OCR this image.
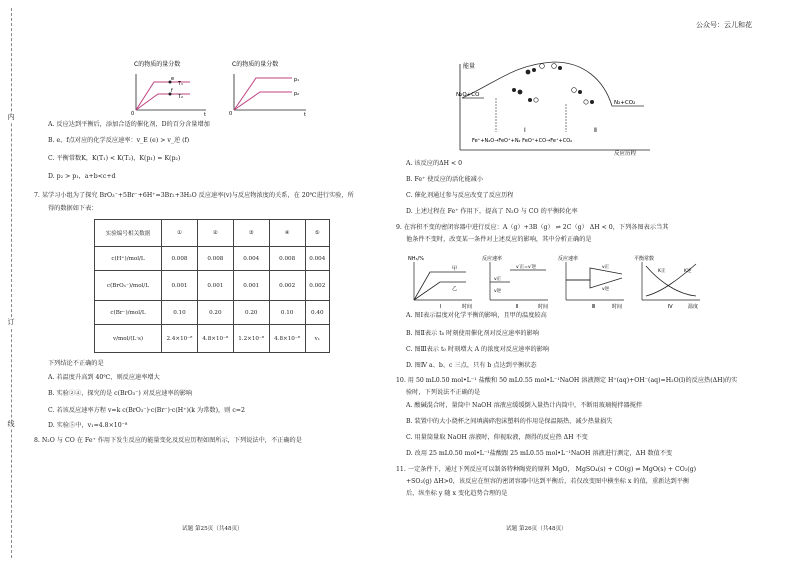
内
订
线
C的物质的量分数
e
f
T₁
T₂
0	t
C的物质的量分数
p₁
p₂
0	t
A. 反应达到平衡后，添加合适的催化剂，D的百分含量增加
B. e、f点对应的化学反应速率：v_E (e) > v_逆 (f)
C. 平衡常数K，K(T₁) < K(T₂)，K(p₁) = K(p₂)
D. p₂ > p₁，a+b<c+d
7. 某学习小组为了探究 BrO₃⁻+5Br⁻+6H⁺=3Br₂+3H₂O 反应速率(v)与反应物浓度的关系，在 20℃进行实验，所
得的数据如下表：
实验编号相关数据	①	②	③	④	⑤
c(H⁺)/mol/L	0.008	0.008	0.004	0.008	0.004
c(BrO₃⁻)/mol/L	0.001	0.001	0.001	0.002	0.002
c(Br⁻)/mol/L	0.10	0.20	0.20	0.10	0.40
v/mol/(L·s)	2.4×10⁻⁸	4.8×10⁻⁸	1.2×10⁻⁸	4.8×10⁻⁸	v₁
下列结论不正确的是
A. 若温度升高到 40℃，则反应速率增大
B. 实验②④，探究的是 c(BrO₃⁻) 对反应速率的影响
C. 若该反应速率方程 v=k c(BrO₃⁻)·c(Br⁻)·c(H⁺)(k 为常数)，则 c=2
D. 实验⑤中，v₁=4.8×10⁻⁸
8. N₂O 与 CO 在 Fe⁺ 作用下发生反应的能量变化及反应历程如图所示，下列说法中，不正确的是
试题 第25页（共48页）
公众号：云儿和花
能量
N₂O+CO
N₂+CO₂
Fe⁺+N₂O→FeO⁺+N₂ FeO⁺+CO→Fe⁺+CO₂
Ⅰ	Ⅱ
反应历程
A. 该反应的ΔH < 0
B. Fe⁺ 使反应的活化能减小
C. 催化剂通过参与反应改变了反应历程
D. 上述过程在 Fe⁺ 作用下，提高了 N₂O 与 CO 的平衡转化率
9. 在容积不变的密闭容器中进行反应：A（g）+3B（g） ⇌ 2C（g） ΔH < 0，下列各图表示当其
他条件不变时，改变某一条件对上述反应的影响，其中分析正确的是
NH₃/%
甲
乙
Ⅰ	时间
反应速率
v′正=v′逆
v正
v逆
Ⅱ	时间
反应速率
v正
v逆
Ⅲ	时间
平衡常数
K正	K逆
Ⅳ	温度
A. 图Ⅰ表示温度对化学平衡的影响，且甲的温度较高
B. 图Ⅱ表示 t₀ 时刻使用催化剂对反应速率的影响
C. 图Ⅲ表示 t₀ 时刻增大 A 的浓度对反应速率的影响
D. 图Ⅳ a、b、c 三点，只有 b 点达到平衡状态
10. 用 50 mL0.50 mol•L⁻¹ 盐酸和 50 mL0.55 mol•L⁻¹NaOH 溶液测定 H⁺(aq)+OH⁻(aq)=H₂O(l)的反应热(ΔH)的实
验时，下列说法不正确的是
A. 酸碱混合时，量筒中 NaOH 溶液应缓缓倒入量热计内筒中，不断用玻璃搅拌器搅拌
B. 装置中的大小烧杯之间填满碎泡沫塑料的作用是保温隔热，减少热量损失
C. 用量筒量取 NaOH 溶液时，仰视取液，测得的反应热 ΔH 不变
D. 改用 25 mL0.50 mol•L⁻¹盐酸跟 25 mL0.55 mol•L⁻¹NaOH 溶液进行测定，ΔH 数值不变
11. 一定条件下，通过下列反应可以制备特种陶瓷的原料 MgO， MgSO₄(s) + CO(g) ⇌ MgO(s) + CO₂(g)
+SO₂(g) ΔH>0，该反应在恒容的密闭容器中达到平衡后，若仅改变图中横坐标 x 的值，重新达到平衡
后，纵坐标 y 随 x 变化趋势合理的是
试题 第26页（共48页）
